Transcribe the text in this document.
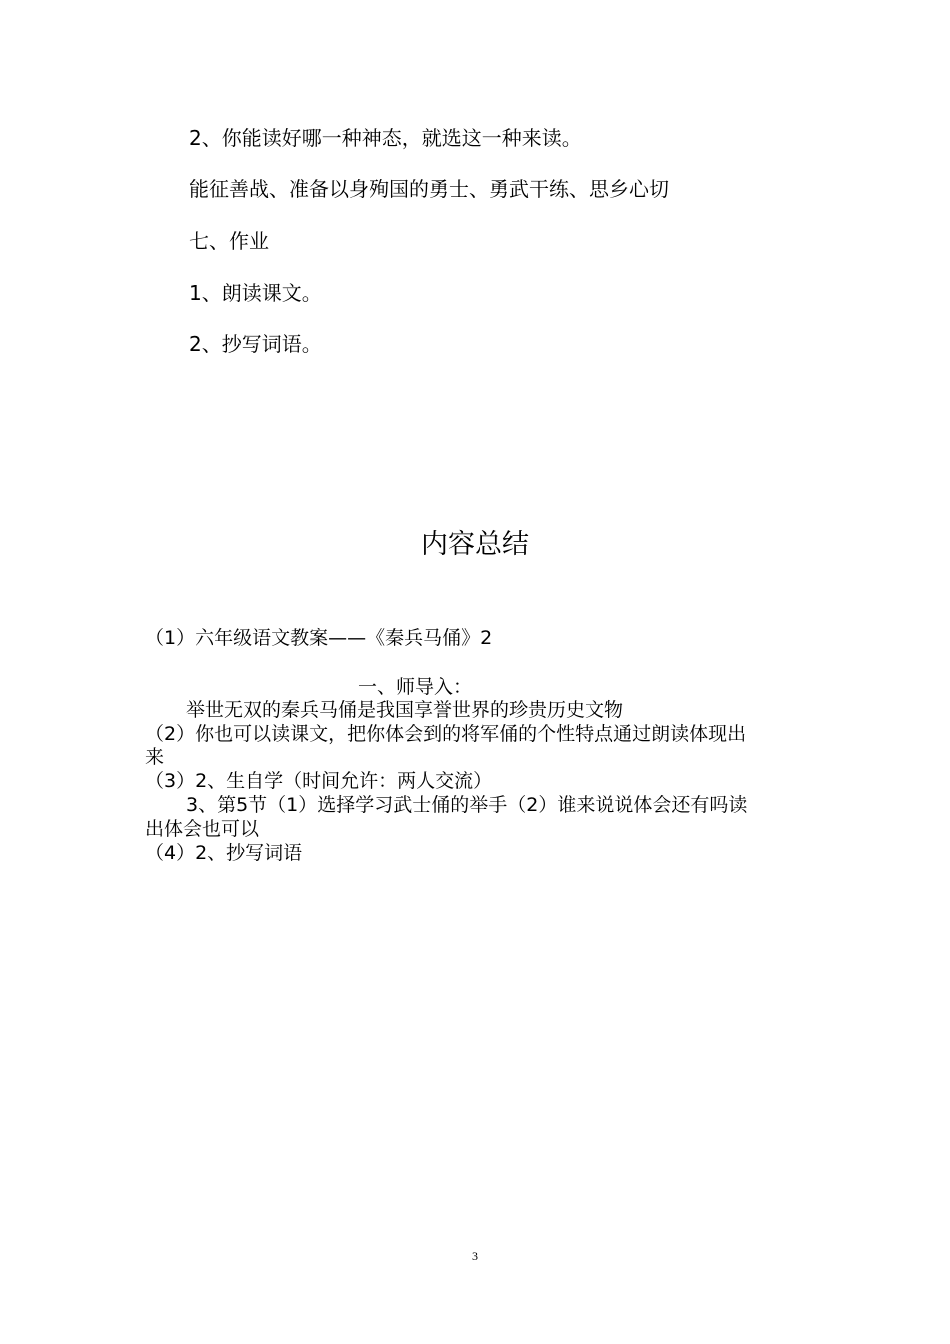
2、你能读好哪一种神态，就选这一种来读。
能征善战、准备以身殉国的勇士、勇武干练、思乡心切
七、作业
1、朗读课文。
2、抄写词语。
内容总结
（1）六年级语文教案——《秦兵马俑》2
一、师导入：
举世无双的秦兵马俑是我国享誉世界的珍贵历史文物
（2）你也可以读课文，把你体会到的将军俑的个性特点通过朗读体现出
来
（3）2、生自学（时间允许：两人交流）
3、第5节（1）选择学习武士俑的举手（2）谁来说说体会还有吗读
出体会也可以
（4）2、抄写词语
3
